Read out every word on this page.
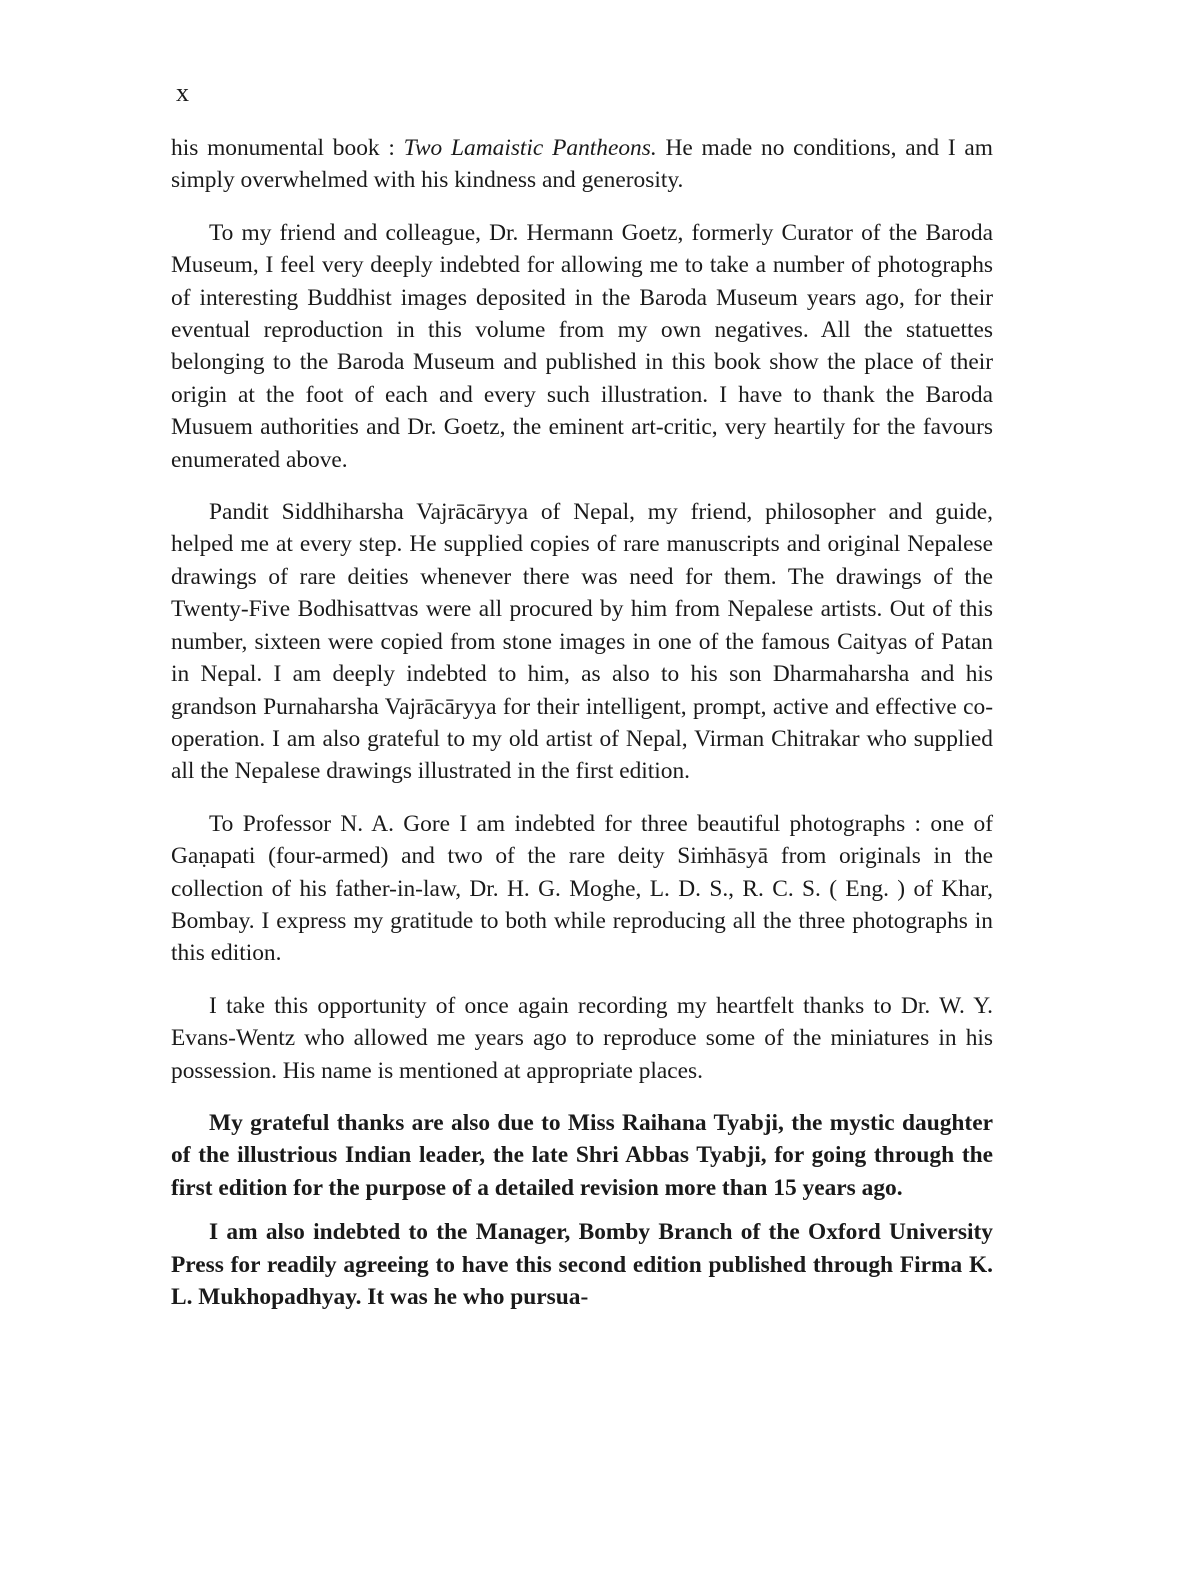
x

his monumental book : Two Lamaistic Pantheons. He made no conditions, and I am simply overwhelmed with his kindness and generosity.

To my friend and colleague, Dr. Hermann Goetz, formerly Curator of the Baroda Museum, I feel very deeply indebted for allowing me to take a number of photographs of interesting Buddhist images deposited in the Baroda Museum years ago, for their eventual reproduction in this volume from my own negatives. All the statuettes belonging to the Baroda Museum and published in this book show the place of their origin at the foot of each and every such illustration. I have to thank the Baroda Musuem authorities and Dr. Goetz, the eminent art-critic, very heartily for the favours enumerated above.

Pandit Siddhiharsha Vajrācāryya of Nepal, my friend, philosopher and guide, helped me at every step. He supplied copies of rare manuscripts and original Nepalese drawings of rare deities whenever there was need for them. The drawings of the Twenty-Five Bodhisattvas were all procured by him from Nepalese artists. Out of this number, sixteen were copied from stone images in one of the famous Caityas of Patan in Nepal. I am deeply indebted to him, as also to his son Dharmaharsha and his grandson Purnaharsha Vajrācāryya for their intelligent, prompt, active and effective co-operation. I am also grateful to my old artist of Nepal, Virman Chitrakar who supplied all the Nepalese drawings illustrated in the first edition.

To Professor N. A. Gore I am indebted for three beautiful photographs : one of Gaṇapati (four-armed) and two of the rare deity Siṁhāsyā from originals in the collection of his father-in-law, Dr. H. G. Moghe, L. D. S., R. C. S. ( Eng. ) of Khar, Bombay. I express my gratitude to both while reproducing all the three photographs in this edition.

I take this opportunity of once again recording my heartfelt thanks to Dr. W. Y. Evans-Wentz who allowed me years ago to reproduce some of the miniatures in his possession. His name is mentioned at appropriate places.

My grateful thanks are also due to Miss Raihana Tyabji, the mystic daughter of the illustrious Indian leader, the late Shri Abbas Tyabji, for going through the first edition for the purpose of a detailed revision more than 15 years ago.

I am also indebted to the Manager, Bomby Branch of the Oxford University Press for readily agreeing to have this second edition published through Firma K. L. Mukhopadhyay. It was he who pursua-
